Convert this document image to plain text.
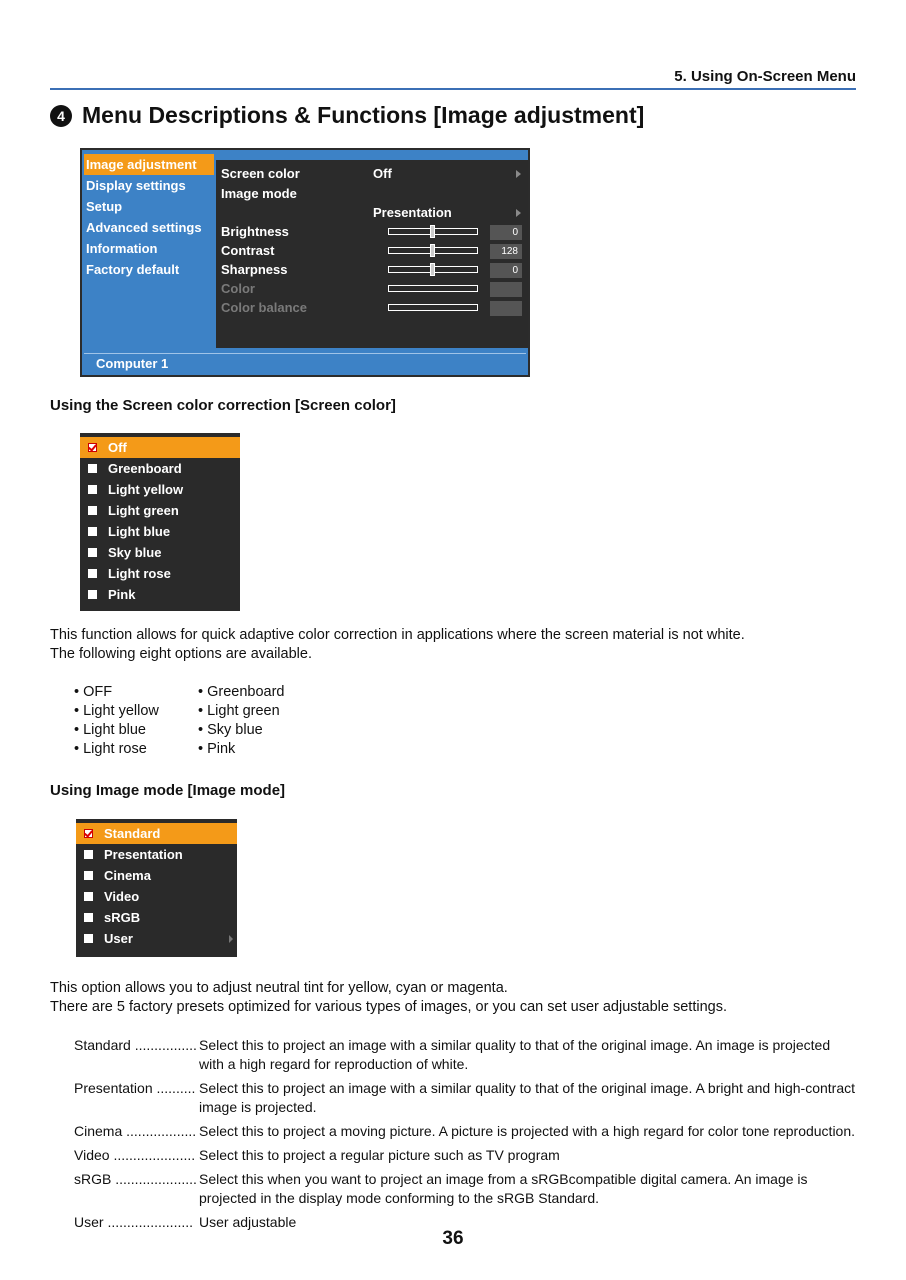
5. Using On-Screen Menu
4 Menu Descriptions & Functions [Image adjustment]
Image adjustment
Display settings
Setup
Advanced settings
Information
Factory default
Screen color	Off
Image mode
Presentation
Brightness	0
Contrast	128
Sharpness	0
Color
Color balance
Computer 1
Using the Screen color correction [Screen color]
Off
Greenboard
Light yellow
Light green
Light blue
Sky blue
Light rose
Pink
This function allows for quick adaptive color correction in applications where the screen material is not white.
The following eight options are available.
• OFF	• Greenboard
• Light yellow	• Light green
• Light blue	• Sky blue
• Light rose	• Pink
Using Image mode [Image mode]
Standard
Presentation
Cinema
Video
sRGB
User
This option allows you to adjust neutral tint for yellow, cyan or magenta.
There are 5 factory presets optimized for various types of images, or you can set user adjustable settings.
Standard ................ Select this to project an image with a similar quality to that of the original image. An image is projected with a high regard for reproduction of white.
Presentation .......... Select this to project an image with a similar quality to that of the original image. A bright and high-contract image is projected.
Cinema .................. Select this to project a moving picture. A picture is projected with a high regard for color tone reproduction.
Video ..................... Select this to project a regular picture such as TV program
sRGB ..................... Select this when you want to project an image from a sRGBcompatible digital camera. An image is projected in the display mode conforming to the sRGB Standard.
User ...................... User adjustable
36
